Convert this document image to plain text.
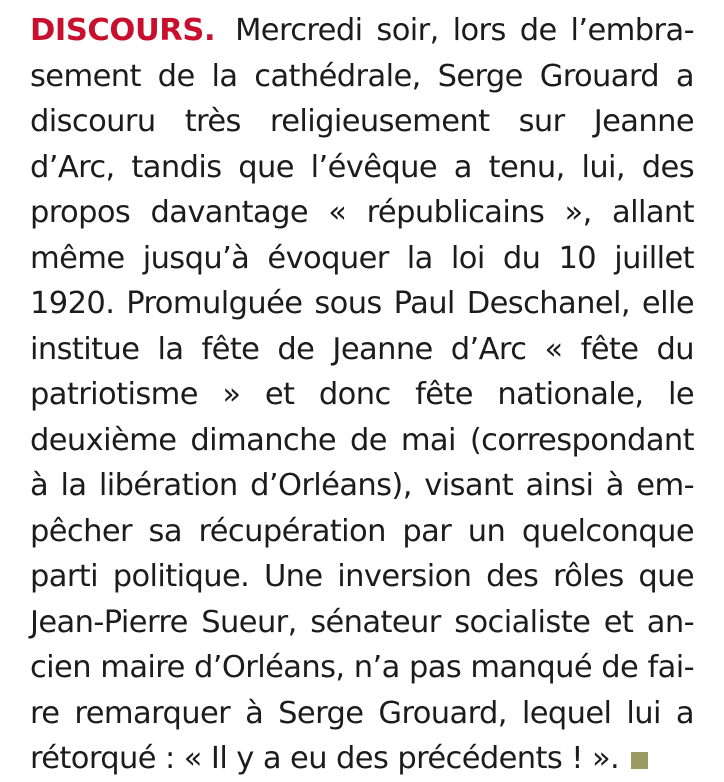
DISCOURS. Mercredi soir, lors de l’embra-
sement de la cathédrale, Serge Grouard a
discouru très religieusement sur Jeanne
d’Arc, tandis que l’évêque a tenu, lui, des
propos davantage « républicains », allant
même jusqu’à évoquer la loi du 10 juillet
1920. Promulguée sous Paul Deschanel, elle
institue la fête de Jeanne d’Arc « fête du
patriotisme » et donc fête nationale, le
deuxième dimanche de mai (correspondant
à la libération d’Orléans), visant ainsi à em-
pêcher sa récupération par un quelconque
parti politique. Une inversion des rôles que
Jean-Pierre Sueur, sénateur socialiste et an-
cien maire d’Orléans, n’a pas manqué de fai-
re remarquer à Serge Grouard, lequel lui a
rétorqué : « Il y a eu des précédents ! ».
